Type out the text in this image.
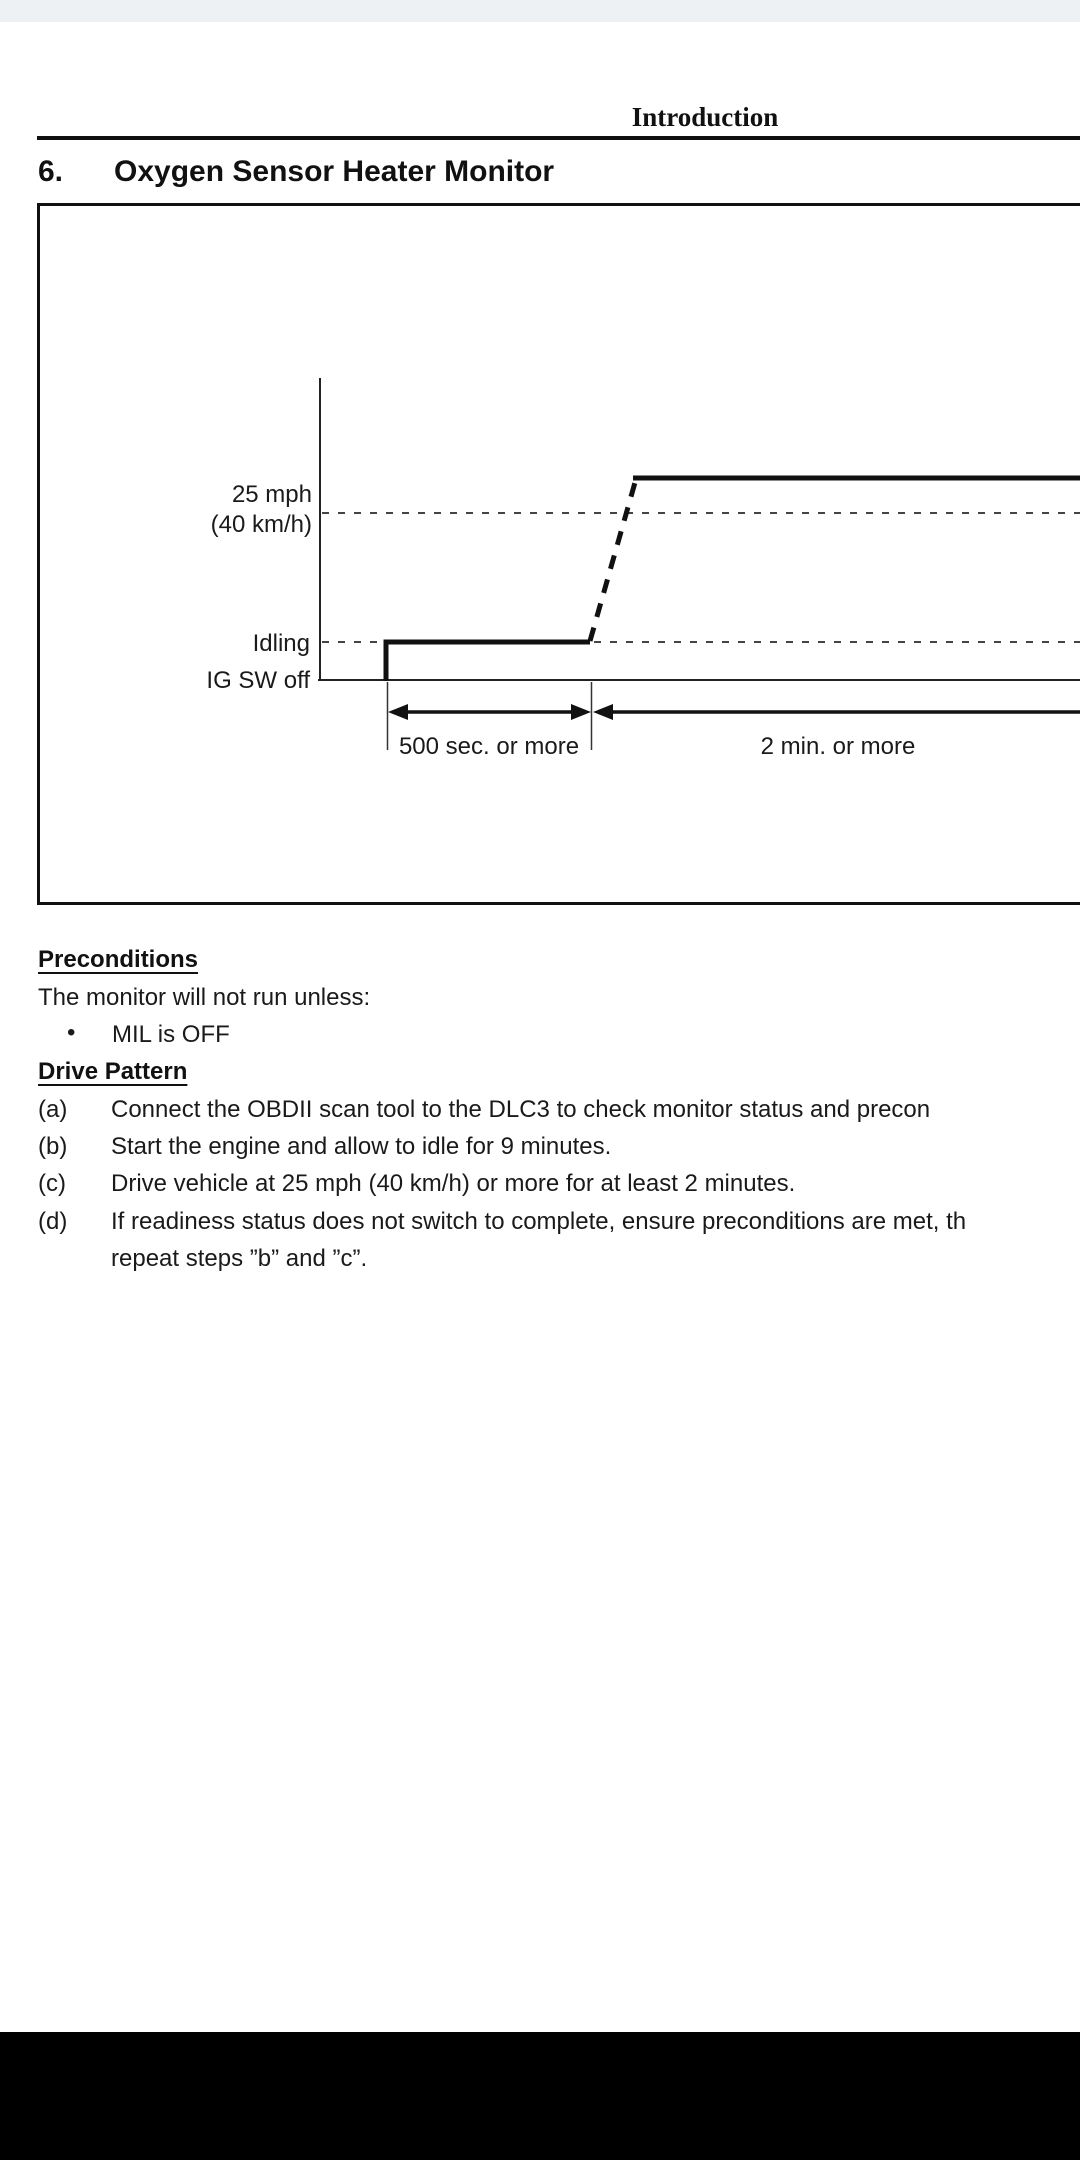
Introduction
6. Oxygen Sensor Heater Monitor
25 mph
(40 km/h)
Idling
IG SW off
500 sec. or more	2 min. or more
Preconditions
The monitor will not run unless:
• MIL is OFF
Drive Pattern
(a) Connect the OBDII scan tool to the DLC3 to check monitor status and precon
(b) Start the engine and allow to idle for 9 minutes.
(c) Drive vehicle at 25 mph (40 km/h) or more for at least 2 minutes.
(d) If readiness status does not switch to complete, ensure preconditions are met, th
repeat steps ”b” and ”c”.
